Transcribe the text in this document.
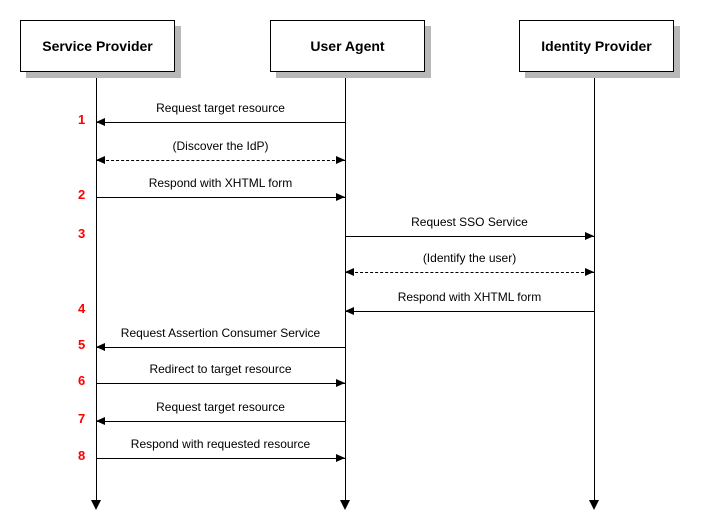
Service Provider	User Agent	Identity Provider
1
Request target resource
(Discover the IdP)
2
Respond with XHTML form
3
Request SSO Service
(Identify the user)
4
Respond with XHTML form
5
Request Assertion Consumer Service
6
Redirect to target resource
7
Request target resource
8
Respond with requested resource
